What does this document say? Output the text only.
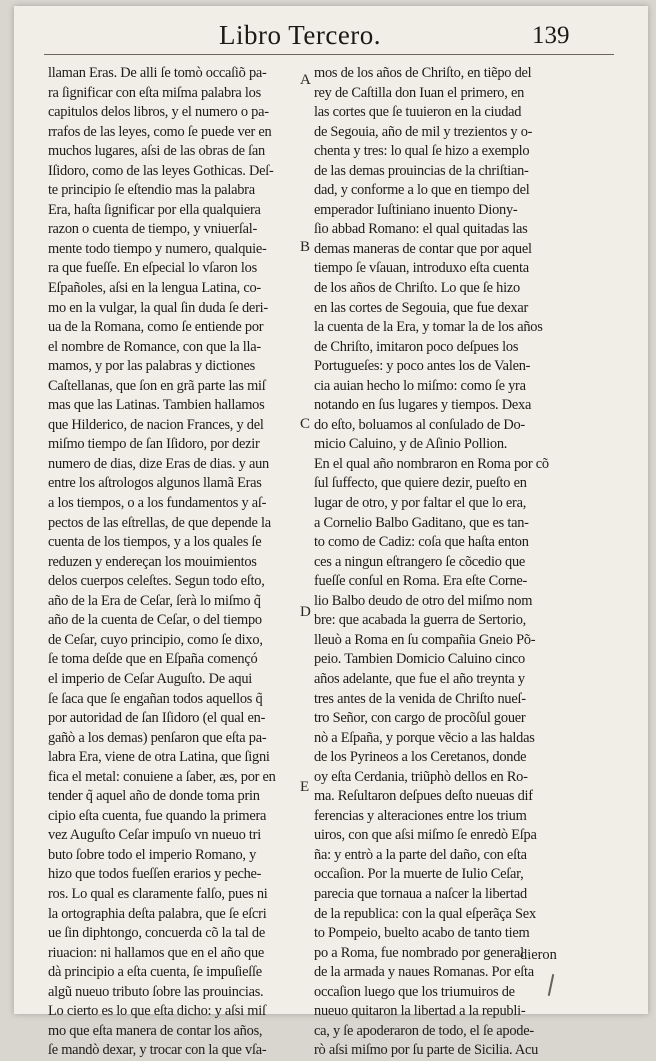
Libro Tercero.	139
llaman Eras. De alli ſe tomò occaſiõ pa-
ra ſignificar con eſta miſma palabra los
capitulos delos libros, y el numero o pa-
rrafos de las leyes, como ſe puede ver en
muchos lugares, aſsi de las obras de ſan
Iſidoro, como de las leyes Gothicas. Deſ-
te principio ſe eſtendio mas la palabra
Era, haſta ſignificar por ella qualquiera
razon o cuenta de tiempo, y vniuerſal-
mente todo tiempo y numero, qualquie-
ra que fueſſe. En eſpecial lo vſaron los
Eſpañoles, aſsi en la lengua Latina, co-
mo en la vulgar, la qual ſin duda ſe deri-
ua de la Romana, como ſe entiende por
el nombre de Romance, con que la lla-
mamos, y por las palabras y dictiones
Caſtellanas, que ſon en grã parte las miſ
mas que las Latinas. Tambien hallamos
que Hilderico, de nacion Frances, y del
miſmo tiempo de ſan Iſidoro, por dezir
numero de dias, dize Eras de dias. y aun
entre los aſtrologos algunos llamã Eras
a los tiempos, o a los fundamentos y aſ-
pectos de las eſtrellas, de que depende la
cuenta de los tiempos, y a los quales ſe
reduzen y endereçan los mouimientos
delos cuerpos celeſtes. Segun todo eſto,
año de la Era de Ceſar, ſerà lo miſmo q̃
año de la cuenta de Ceſar, o del tiempo
de Ceſar, cuyo principio, como ſe dixo,
ſe toma deſde que en Eſpaña començó
el imperio de Ceſar Auguſto. De aqui
ſe ſaca que ſe engañan todos aquellos q̃
por autoridad de ſan Iſidoro (el qual en-
gañò a los demas) penſaron que eſta pa-
labra Era, viene de otra Latina, que ſigni
fica el metal: conuiene a ſaber, æs, por en
tender q̃ aquel año de donde toma prin
cipio eſta cuenta, fue quando la primera
vez Auguſto Ceſar impuſo vn nueuo tri
buto ſobre todo el imperio Romano, y
hizo que todos fueſſen erarios y peche-
ros. Lo qual es claramente falſo, pues ni
la ortographia deſta palabra, que ſe eſcri
ue ſin diphtongo, concuerda cõ la tal de
riuacion: ni hallamos que en el año que
dà principio a eſta cuenta, ſe impuſieſſe
algũ nueuo tributo ſobre las prouincias.
Lo cierto es lo que eſta dicho: y aſsi miſ
mo que eſta manera de contar los años,
ſe mandò dexar, y trocar con la que vſa-
A
B
C
D
E
mos de los años de Chriſto, en tiẽpo del
rey de Caſtilla don Iuan el primero, en
las cortes que ſe tuuieron en la ciudad
de Segouia, año de mil y trezientos y o-
chenta y tres: lo qual ſe hizo a exemplo
de las demas prouincias de la chriſtian-
dad, y conforme a lo que en tiempo del
emperador Iuſtiniano inuento Diony-
ſio abbad Romano: el qual quitadas las
demas maneras de contar que por aquel
tiempo ſe vſauan, introduxo eſta cuenta
de los años de Chriſto. Lo que ſe hizo
en las cortes de Segouia, que fue dexar
la cuenta de la Era, y tomar la de los años
de Chriſto, imitaron poco deſpues los
Portugueſes: y poco antes los de Valen-
cia auian hecho lo miſmo: como ſe yra
notando en ſus lugares y tiempos. Dexa
do eſto, boluamos al conſulado de Do-
micio Caluino, y de Aſinio Pollion.
En el qual año nombraron en Roma por cõ
ſul ſuffecto, que quiere dezir, pueſto en
lugar de otro, y por faltar el que lo era,
a Cornelio Balbo Gaditano, que es tan-
to como de Cadiz: coſa que haſta enton
ces a ningun eſtrangero ſe cõcedio que
fueſſe conſul en Roma. Era eſte Corne-
lio Balbo deudo de otro del miſmo nom
bre: que acabada la guerra de Sertorio,
lleuò a Roma en ſu compañia Gneio Põ-
peio. Tambien Domicio Caluino cinco
años adelante, que fue el año treynta y
tres antes de la venida de Chriſto nueſ-
tro Señor, con cargo de procõſul gouer
nò a Eſpaña, y porque vẽcio a las haldas
de los Pyrineos a los Ceretanos, donde
oy eſta Cerdania, triũphò dellos en Ro-
ma. Reſultaron deſpues deſto nueuas dif
ferencias y alteraciones entre los trium
uiros, con que aſsi miſmo ſe enredò Eſpa
ña: y entrò a la parte del daño, con eſta
occaſion. Por la muerte de Iulio Ceſar,
parecia que tornaua a naſcer la libertad
de la republica: con la qual eſperãça Sex
to Pompeio, bueltо acabo de tanto tiem
po a Roma, fue nombrado por general
de la armada y naues Romanas. Por eſta
occaſion luego que los triumuiros de
nueuo quitaron la libertad a la republi-
ca, y ſe apoderaron de todo, el ſe apode-
rò aſsi miſmo por ſu parte de Sicilia. Acu
dieron
